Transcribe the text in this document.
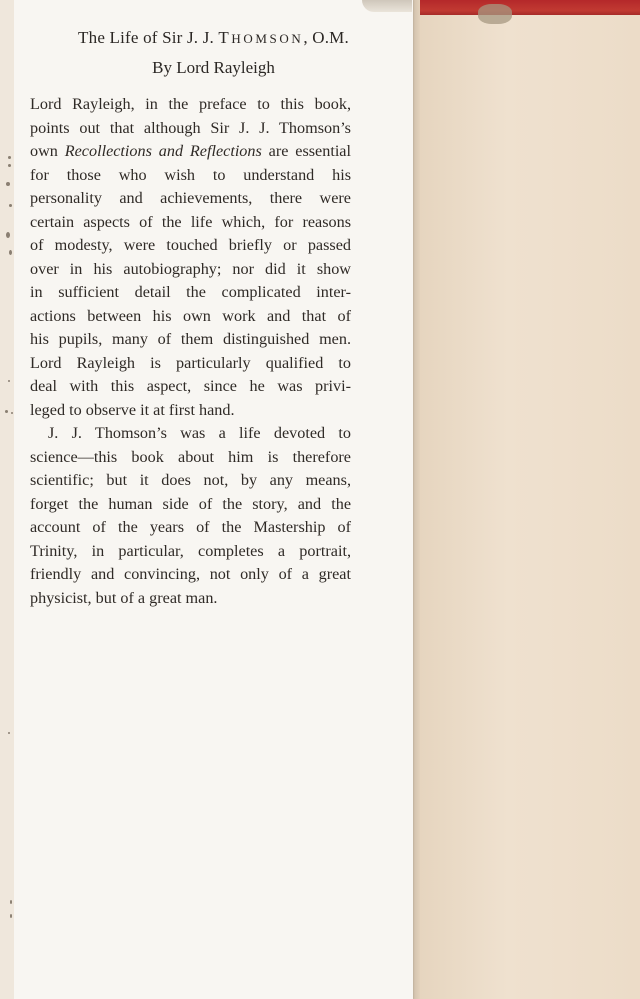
The Life of Sir J. J. THOMSON, O.M.
By Lord Rayleigh
Lord Rayleigh, in the preface to this book,
points out that although Sir J. J. Thomson’s
own Recollections and Reflections are essential
for those who wish to understand his
personality and achievements, there were
certain aspects of the life which, for reasons
of modesty, were touched briefly or passed
over in his autobiography; nor did it show
in sufficient detail the complicated inter-
actions between his own work and that of
his pupils, many of them distinguished men.
Lord Rayleigh is particularly qualified to
deal with this aspect, since he was privi-
leged to observe it at first hand.
J. J. Thomson’s was a life devoted to
science—this book about him is therefore
scientific; but it does not, by any means,
forget the human side of the story, and the
account of the years of the Mastership of
Trinity, in particular, completes a portrait,
friendly and convincing, not only of a great
physicist, but of a great man.
